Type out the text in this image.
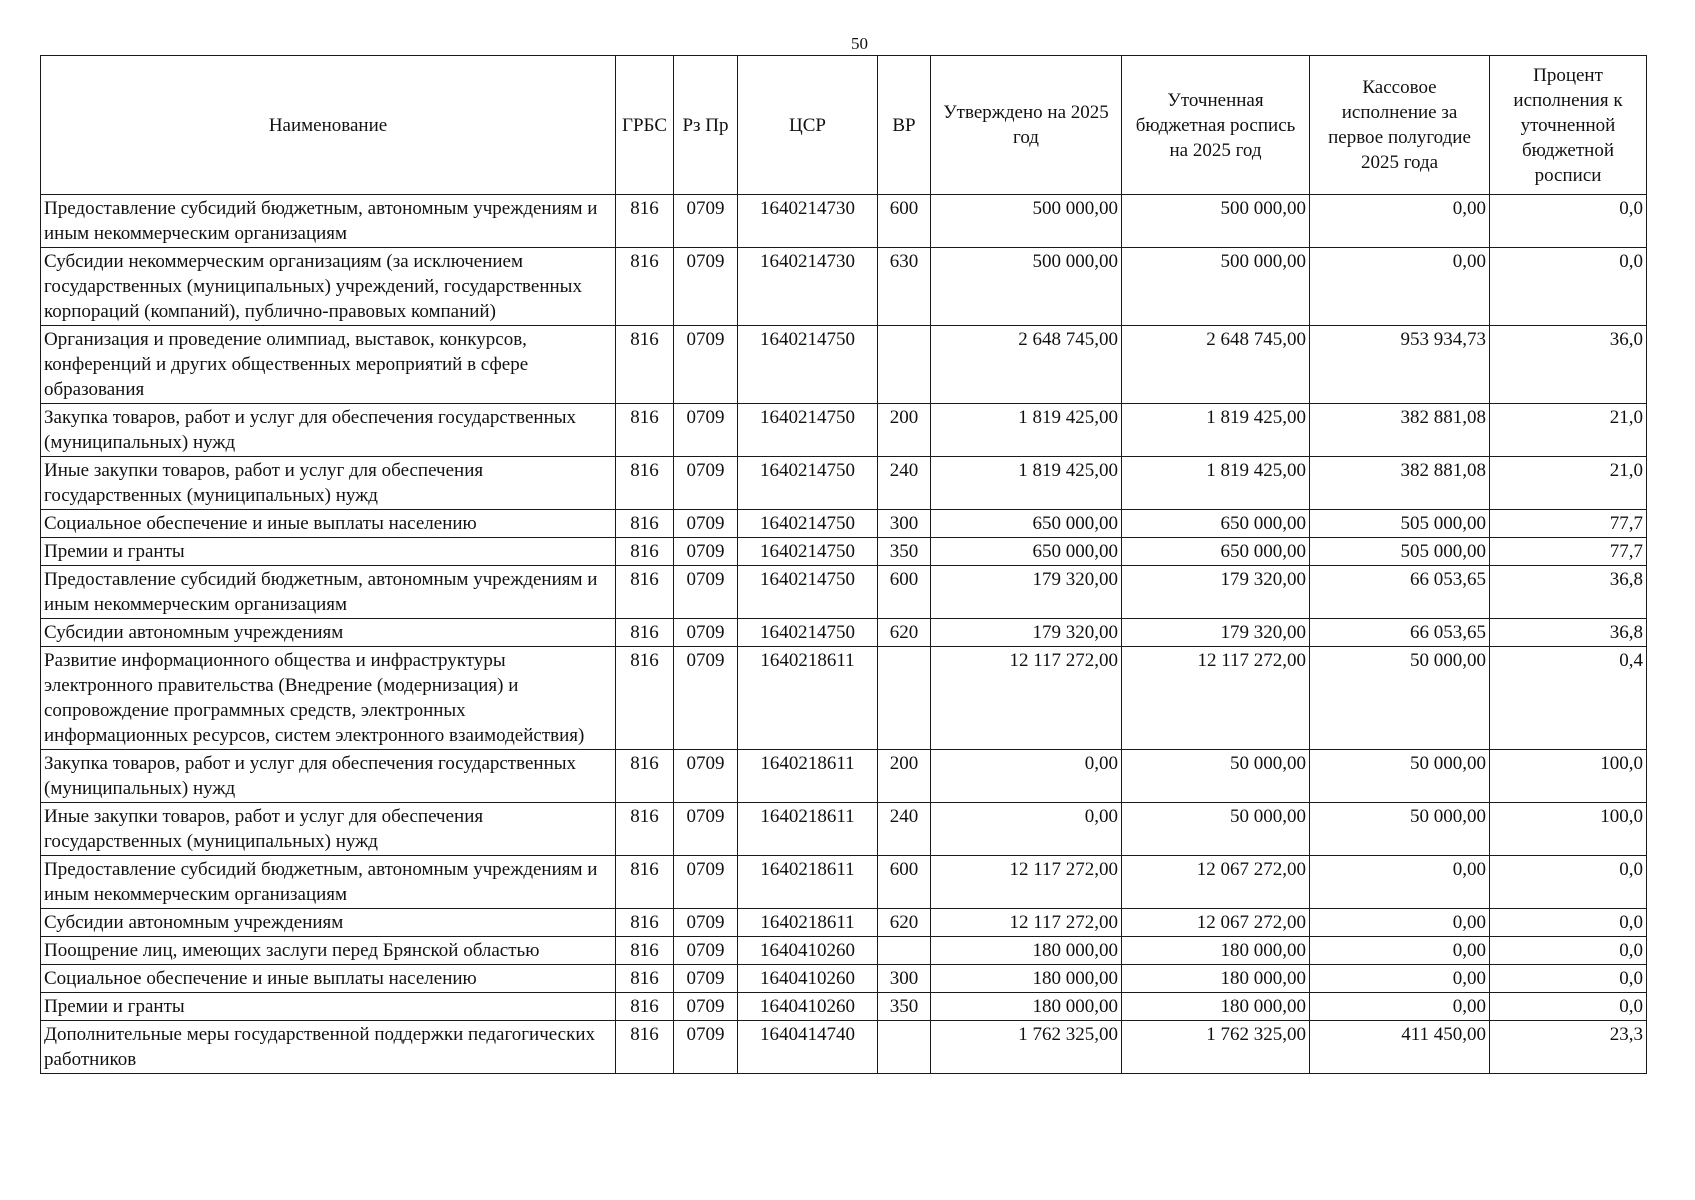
50
Наименование	ГРБС	Рз Пр	ЦСР	ВР	Утверждено на 2025 год	Уточненная бюджетная роспись на 2025 год	Кассовое исполнение за первое полугодие 2025 года	Процент исполнения к уточненной бюджетной росписи
Предоставление субсидий бюджетным, автономным учреждениям и иным некоммерческим организациям	816	0709	1640214730	600	500 000,00	500 000,00	0,00	0,0
Субсидии некоммерческим организациям (за исключением государственных (муниципальных) учреждений, государственных корпораций (компаний), публично-правовых компаний)	816	0709	1640214730	630	500 000,00	500 000,00	0,00	0,0
Организация и проведение олимпиад, выставок, конкурсов, конференций и других общественных мероприятий в сфере образования	816	0709	1640214750		2 648 745,00	2 648 745,00	953 934,73	36,0
Закупка товаров, работ и услуг для обеспечения государственных (муниципальных) нужд	816	0709	1640214750	200	1 819 425,00	1 819 425,00	382 881,08	21,0
Иные закупки товаров, работ и услуг для обеспечения государственных (муниципальных) нужд	816	0709	1640214750	240	1 819 425,00	1 819 425,00	382 881,08	21,0
Социальное обеспечение и иные выплаты населению	816	0709	1640214750	300	650 000,00	650 000,00	505 000,00	77,7
Премии и гранты	816	0709	1640214750	350	650 000,00	650 000,00	505 000,00	77,7
Предоставление субсидий бюджетным, автономным учреждениям и иным некоммерческим организациям	816	0709	1640214750	600	179 320,00	179 320,00	66 053,65	36,8
Субсидии автономным учреждениям	816	0709	1640214750	620	179 320,00	179 320,00	66 053,65	36,8
Развитие информационного общества и инфраструктуры электронного правительства (Внедрение (модернизация) и сопровождение программных средств, электронных информационных ресурсов, систем электронного взаимодействия)	816	0709	1640218611		12 117 272,00	12 117 272,00	50 000,00	0,4
Закупка товаров, работ и услуг для обеспечения государственных (муниципальных) нужд	816	0709	1640218611	200	0,00	50 000,00	50 000,00	100,0
Иные закупки товаров, работ и услуг для обеспечения государственных (муниципальных) нужд	816	0709	1640218611	240	0,00	50 000,00	50 000,00	100,0
Предоставление субсидий бюджетным, автономным учреждениям и иным некоммерческим организациям	816	0709	1640218611	600	12 117 272,00	12 067 272,00	0,00	0,0
Субсидии автономным учреждениям	816	0709	1640218611	620	12 117 272,00	12 067 272,00	0,00	0,0
Поощрение лиц, имеющих заслуги перед Брянской областью	816	0709	1640410260		180 000,00	180 000,00	0,00	0,0
Социальное обеспечение и иные выплаты населению	816	0709	1640410260	300	180 000,00	180 000,00	0,00	0,0
Премии и гранты	816	0709	1640410260	350	180 000,00	180 000,00	0,00	0,0
Дополнительные меры государственной поддержки педагогических работников	816	0709	1640414740		1 762 325,00	1 762 325,00	411 450,00	23,3
